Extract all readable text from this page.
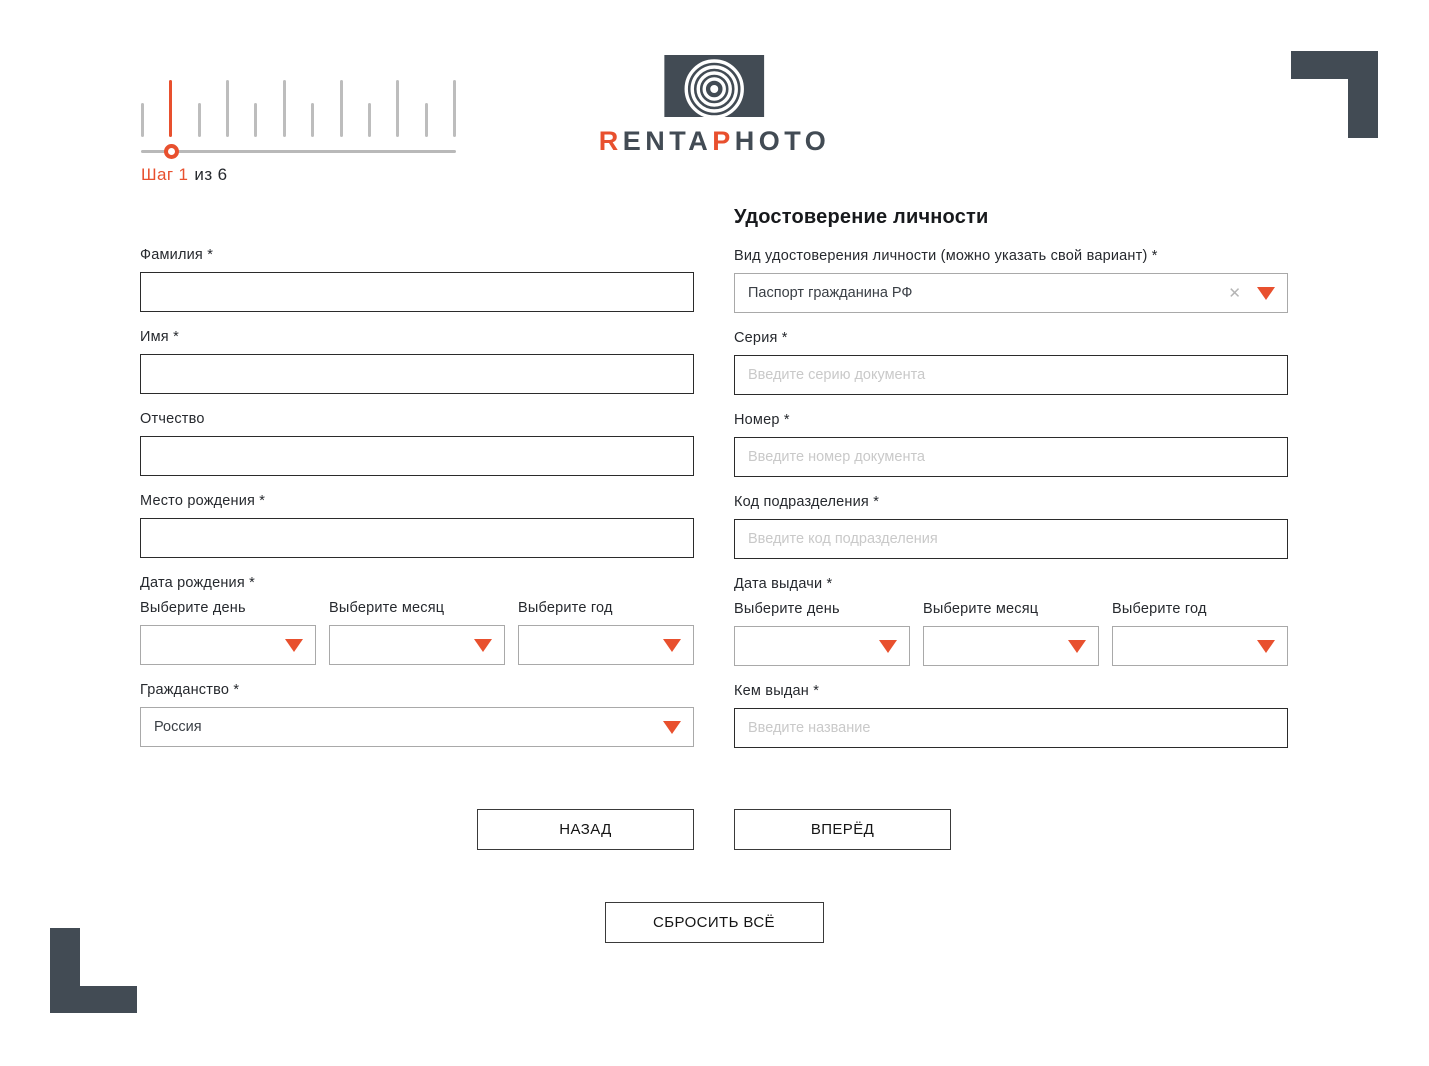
Шаг 1 из 6
RENTAPHOTO
Фамилия *
Имя *
Отчество
Место рождения *
Дата рождения *
Выберите день	Выберите месяц	Выберите год
Гражданство *
Россия
Удостоверение личности
Вид удостоверения личности (можно указать свой вариант) *
Паспорт гражданина РФ	✕
Серия *
Введите серию документа
Номер *
Введите номер документа
Код подразделения *
Введите код подразделения
Дата выдачи *
Выберите день	Выберите месяц	Выберите год
Кем выдан *
Введите название
НАЗАД	ВПЕРЁД
СБРОСИТЬ ВСЁ
